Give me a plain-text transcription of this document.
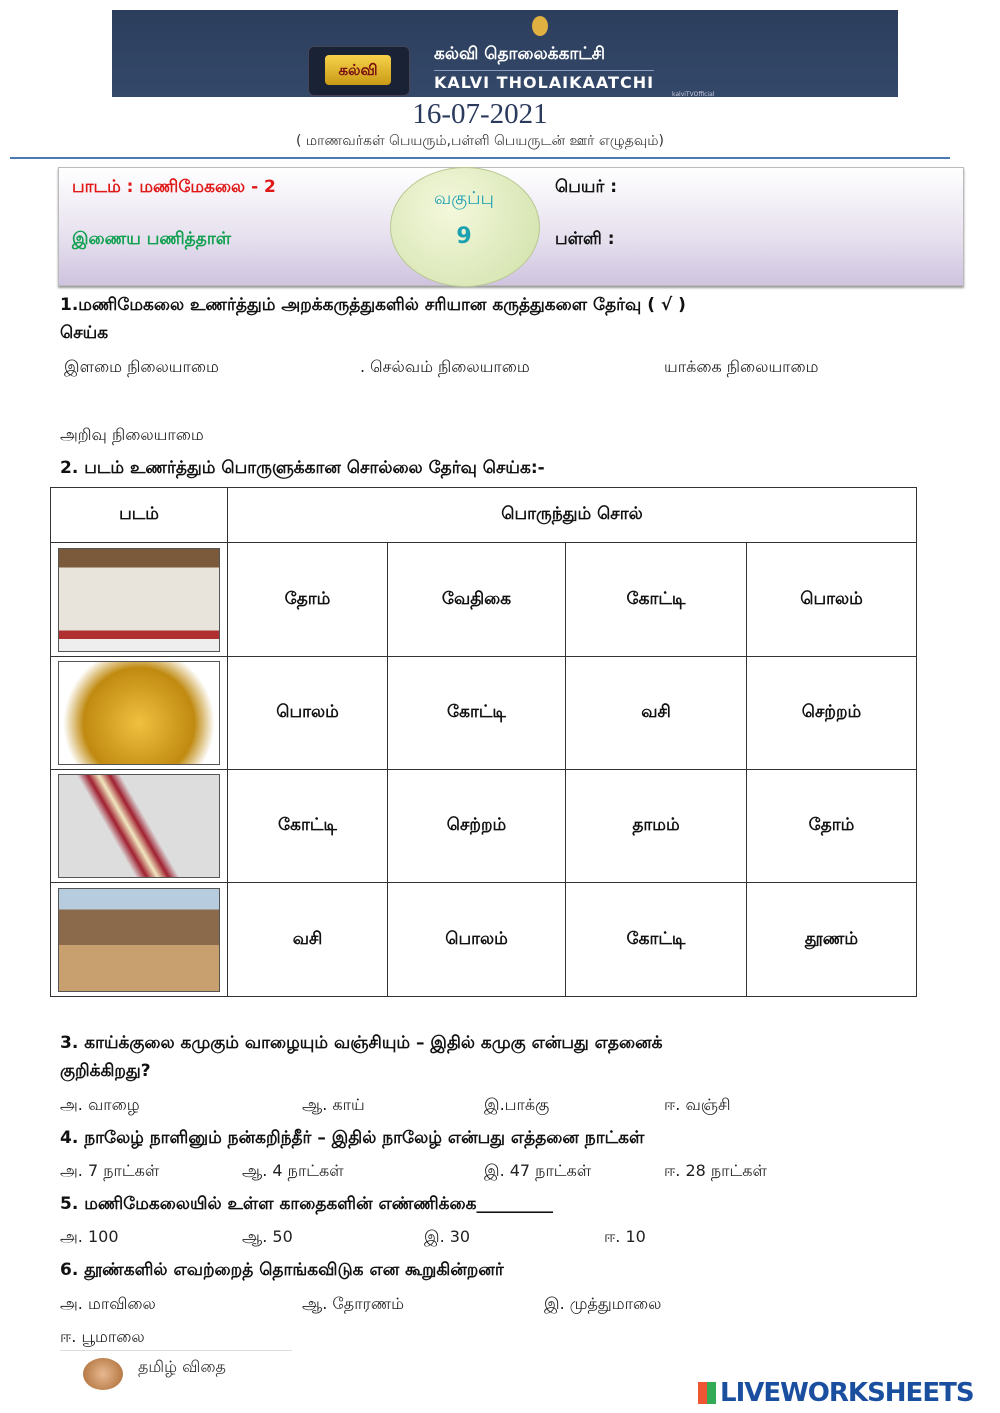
கல்வி
கல்வி தொலைக்காட்சி
KALVI THOLAIKAATCHI
kalviTVOfficial
16-07-2021
( மாணவர்கள் பெயரும்,பள்ளி பெயருடன் ஊர் எழுதவும்)
பாடம் : மணிமேகலை - 2
இணைய பணித்தாள்
வகுப்பு
9
பெயர் :
பள்ளி :
1.மணிமேகலை உணர்த்தும் அறக்கருத்துகளில் சரியான கருத்துகளை தேர்வு ( √ )
செய்க
இளமை நிலையாமை	. செல்வம் நிலையாமை	யாக்கை நிலையாமை
அறிவு நிலையாமை
2. படம் உணர்த்தும் பொருளுக்கான சொல்லை தேர்வு செய்க:-
படம்	பொருந்தும் சொல்			

	தோம்	வேதிகை	கோட்டி	பொலம்

	பொலம்	கோட்டி	வசி	செற்றம்

	கோட்டி	செற்றம்	தாமம்	தோம்

	வசி	பொலம்	கோட்டி	தூணம்
3. காய்க்குலை கமுகும் வாழையும் வஞ்சியும் – இதில் கமுகு என்பது எதனைக்
குறிக்கிறது?
அ. வாழை	ஆ. காய்	இ.பாக்கு	ஈ. வஞ்சி
4. நாலேழ் நாளினும் நன்கறிந்தீர் – இதில் நாலேழ் என்பது எத்தனை நாட்கள்
அ. 7 நாட்கள்	ஆ. 4 நாட்கள்	இ. 47 நாட்கள்	ஈ. 28 நாட்கள்
5. மணிமேகலையில் உள்ள காதைகளின் எண்ணிக்கை_________
அ. 100	ஆ. 50	இ. 30	ஈ. 10
6. தூண்களில் எவற்றைத் தொங்கவிடுக என கூறுகின்றனர்
அ. மாவிலை	ஆ. தோரணம்	இ. முத்துமாலை
ஈ. பூமாலை
தமிழ் விதை
LIVEWORKSHEETS
